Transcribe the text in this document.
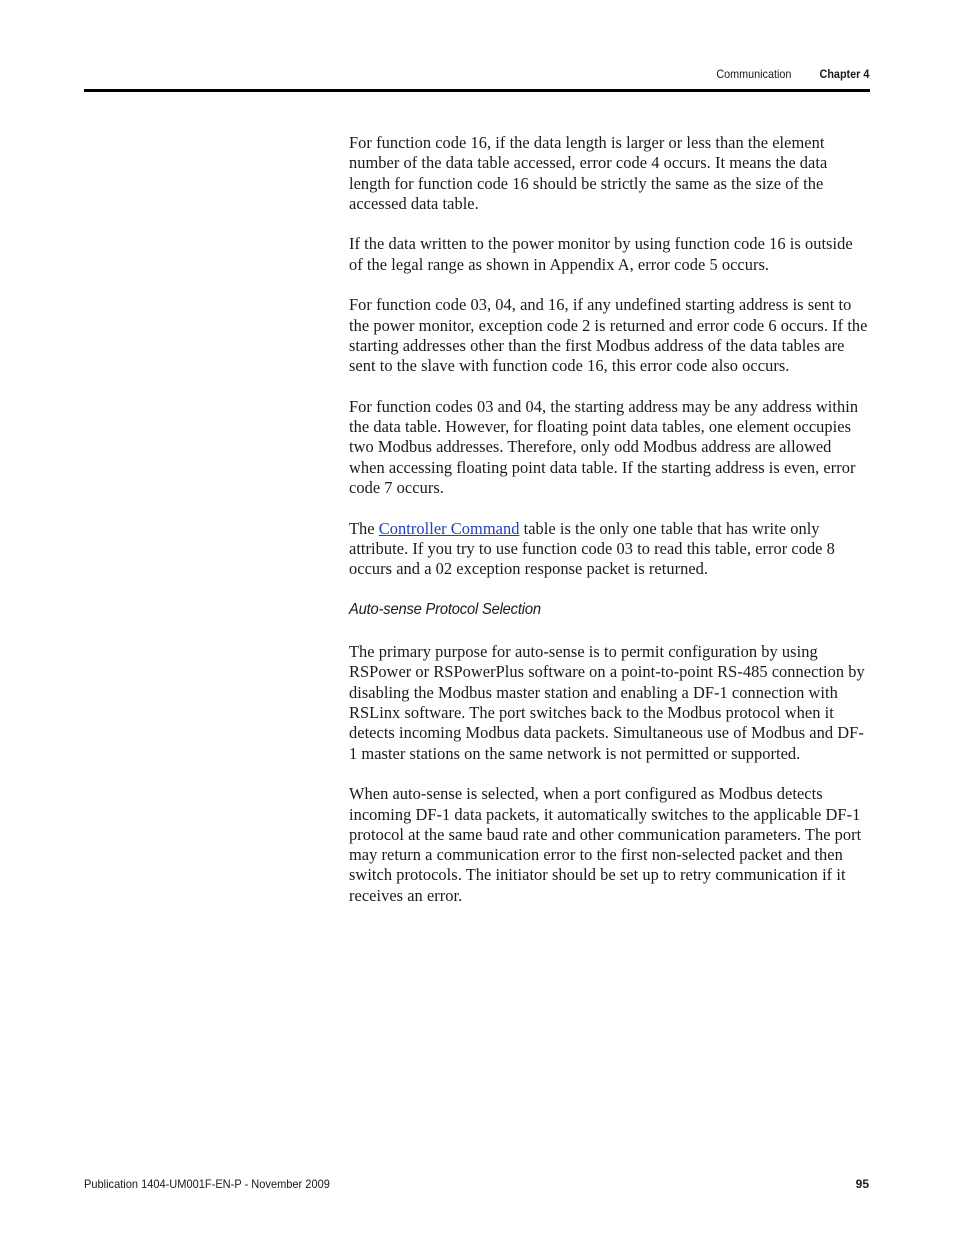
Communication Chapter 4

For function code 16, if the data length is larger or less than the element number of the data table accessed, error code 4 occurs. It means the data length for function code 16 should be strictly the same as the size of the accessed data table.

If the data written to the power monitor by using function code 16 is outside of the legal range as shown in Appendix A, error code 5 occurs.

For function code 03, 04, and 16, if any undefined starting address is sent to the power monitor, exception code 2 is returned and error code 6 occurs. If the starting addresses other than the first Modbus address of the data tables are sent to the slave with function code 16, this error code also occurs.

For function codes 03 and 04, the starting address may be any address within the data table. However, for floating point data tables, one element occupies two Modbus addresses. Therefore, only odd Modbus address are allowed when accessing floating point data table. If the starting address is even, error code 7 occurs.

The Controller Command table is the only one table that has write only attribute. If you try to use function code 03 to read this table, error code 8 occurs and a 02 exception response packet is returned.

Auto-sense Protocol Selection

The primary purpose for auto-sense is to permit configuration by using RSPower or RSPowerPlus software on a point-to-point RS-485 connection by disabling the Modbus master station and enabling a DF-1 connection with RSLinx software. The port switches back to the Modbus protocol when it detects incoming Modbus data packets. Simultaneous use of Modbus and DF-1 master stations on the same network is not permitted or supported.

When auto-sense is selected, when a port configured as Modbus detects incoming DF-1 data packets, it automatically switches to the applicable DF-1 protocol at the same baud rate and other communication parameters. The port may return a communication error to the first non-selected packet and then switch protocols. The initiator should be set up to retry communication if it receives an error.

Publication 1404-UM001F-EN-P - November 2009	95
